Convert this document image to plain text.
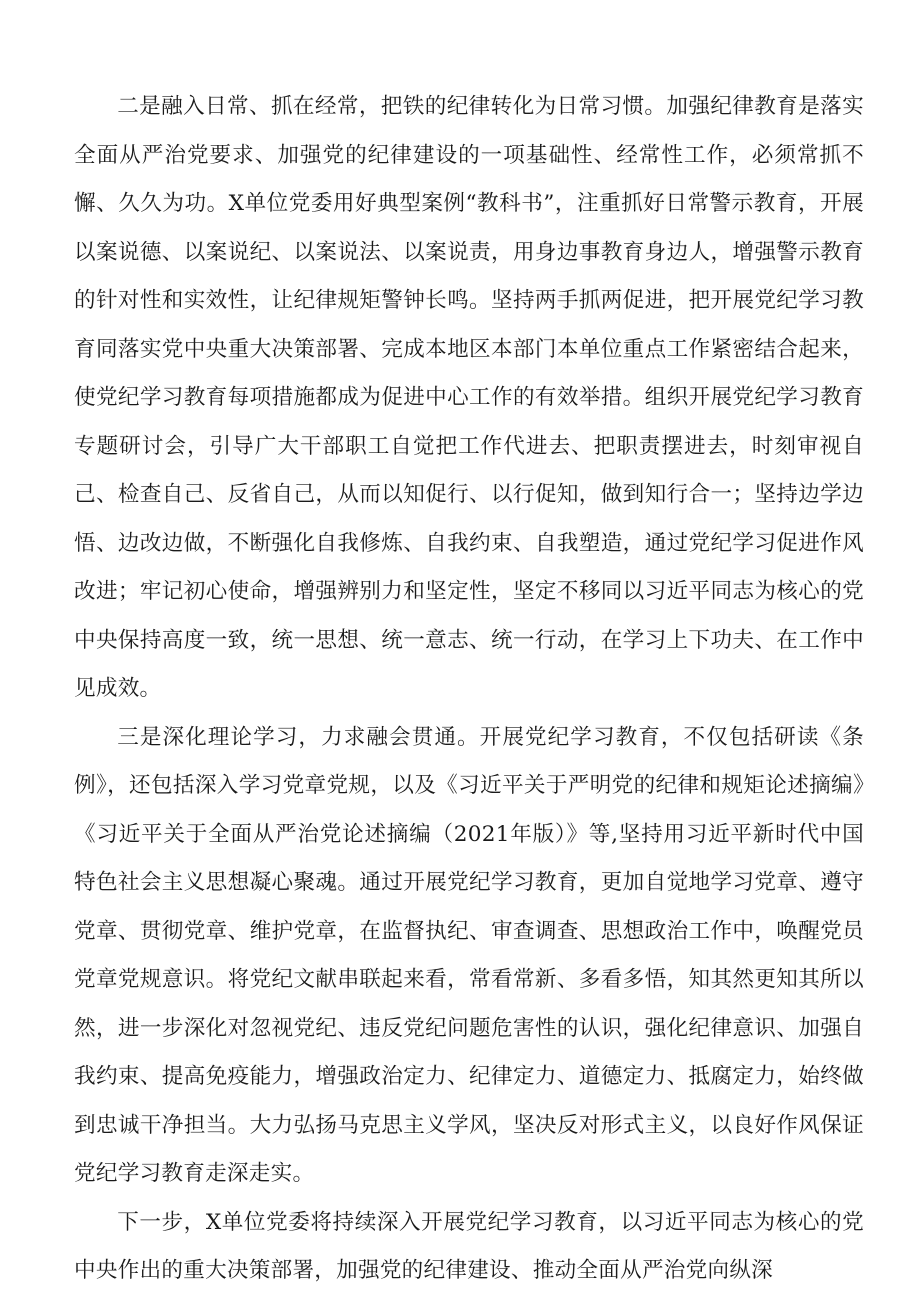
二是融入日常、抓在经常，把铁的纪律转化为日常习惯。加强纪律教育是落实全面从严治党要求、加强党的纪律建设的一项基础性、经常性工作，必须常抓不懈、久久为功。X单位党委用好典型案例“教科书”，注重抓好日常警示教育，开展以案说德、以案说纪、以案说法、以案说责，用身边事教育身边人，增强警示教育的针对性和实效性，让纪律规矩警钟长鸣。坚持两手抓两促进，把开展党纪学习教育同落实党中央重大决策部署、完成本地区本部门本单位重点工作紧密结合起来，使党纪学习教育每项措施都成为促进中心工作的有效举措。组织开展党纪学习教育专题研讨会，引导广大干部职工自觉把工作代进去、把职责摆进去，时刻审视自己、检查自己、反省自己，从而以知促行、以行促知，做到知行合一；坚持边学边悟、边改边做，不断强化自我修炼、自我约束、自我塑造，通过党纪学习促进作风改进；牢记初心使命，增强辨别力和坚定性，坚定不移同以习近平同志为核心的党中央保持高度一致，统一思想、统一意志、统一行动，在学习上下功夫、在工作中见成效。

三是深化理论学习，力求融会贯通。开展党纪学习教育，不仅包括研读《条例》，还包括深入学习党章党规，以及《习近平关于严明党的纪律和规矩论述摘编》《习近平关于全面从严治党论述摘编（2021年版）》等,坚持用习近平新时代中国特色社会主义思想凝心聚魂。通过开展党纪学习教育，更加自觉地学习党章、遵守党章、贯彻党章、维护党章，在监督执纪、审查调查、思想政治工作中，唤醒党员党章党规意识。将党纪文献串联起来看，常看常新、多看多悟，知其然更知其所以然，进一步深化对忽视党纪、违反党纪问题危害性的认识，强化纪律意识、加强自我约束、提高免疫能力，增强政治定力、纪律定力、道德定力、抵腐定力，始终做到忠诚干净担当。大力弘扬马克思主义学风，坚决反对形式主义，以良好作风保证党纪学习教育走深走实。

下一步，X单位党委将持续深入开展党纪学习教育，以习近平同志为核心的党中央作出的重大决策部署，加强党的纪律建设、推动全面从严治党向纵深
